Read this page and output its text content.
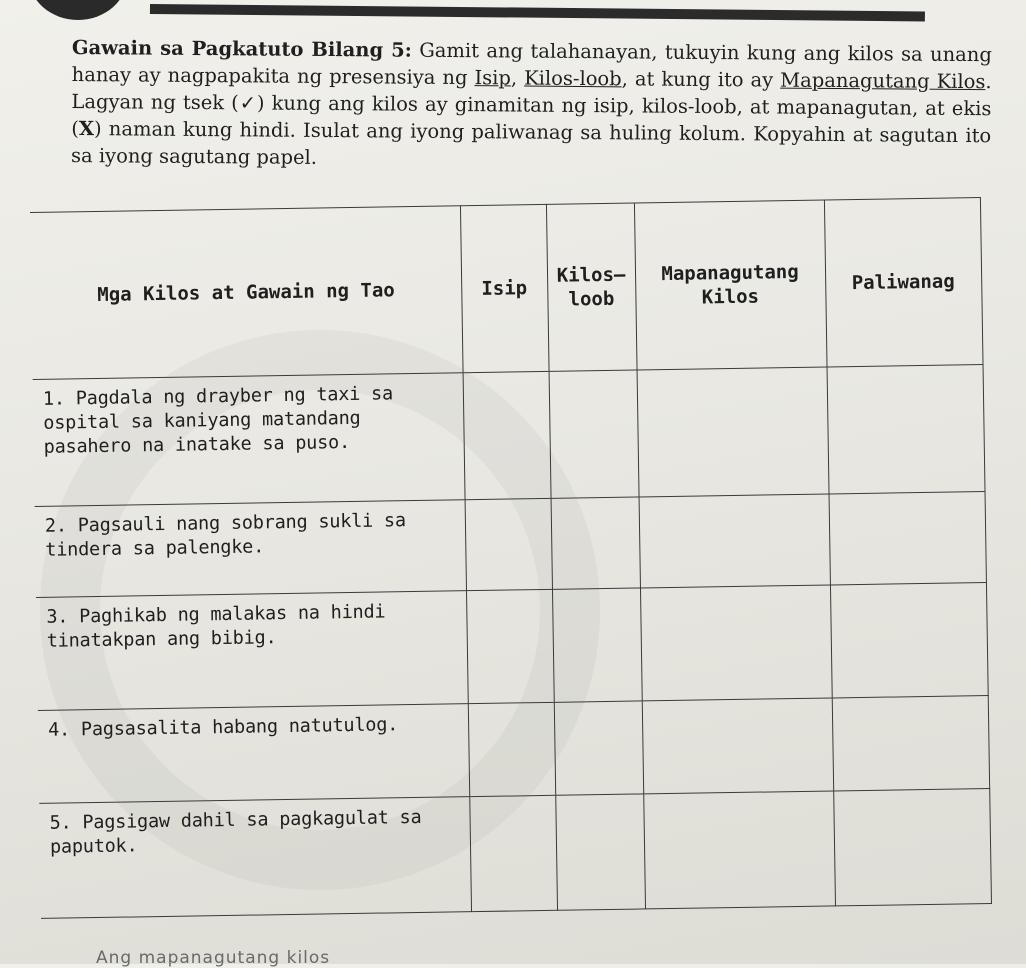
Gawain sa Pagkatuto Bilang 5: Gamit ang talahanayan, tukuyin kung ang kilos sa unang hanay ay nagpapakita ng presensiya ng Isip, Kilos-loob, at kung ito ay Mapanagutang Kilos. Lagyan ng tsek (✓) kung ang kilos ay ginamitan ng isip, kilos-loob, at mapanagutan, at ekis (X) naman kung hindi. Isulat ang iyong paliwanag sa huling kolum. Kopyahin at sagutan ito sa iyong sagutang papel.
Mga Kilos at Gawain ng Tao	Isip	Kilos–loob	Mapanagutang Kilos	Paliwanag
1. Pagdala ng drayber ng taxi sa ospital sa kaniyang matandang pasahero na inatake sa puso.				
2. Pagsauli nang sobrang sukli sa tindera sa palengke.				
3. Paghikab ng malakas na hindi tinatakpan ang bibig.				
4. Pagsasalita habang natutulog.				
5. Pagsigaw dahil sa pagkagulat sa paputok.				
Ang mapanagutang kilos
